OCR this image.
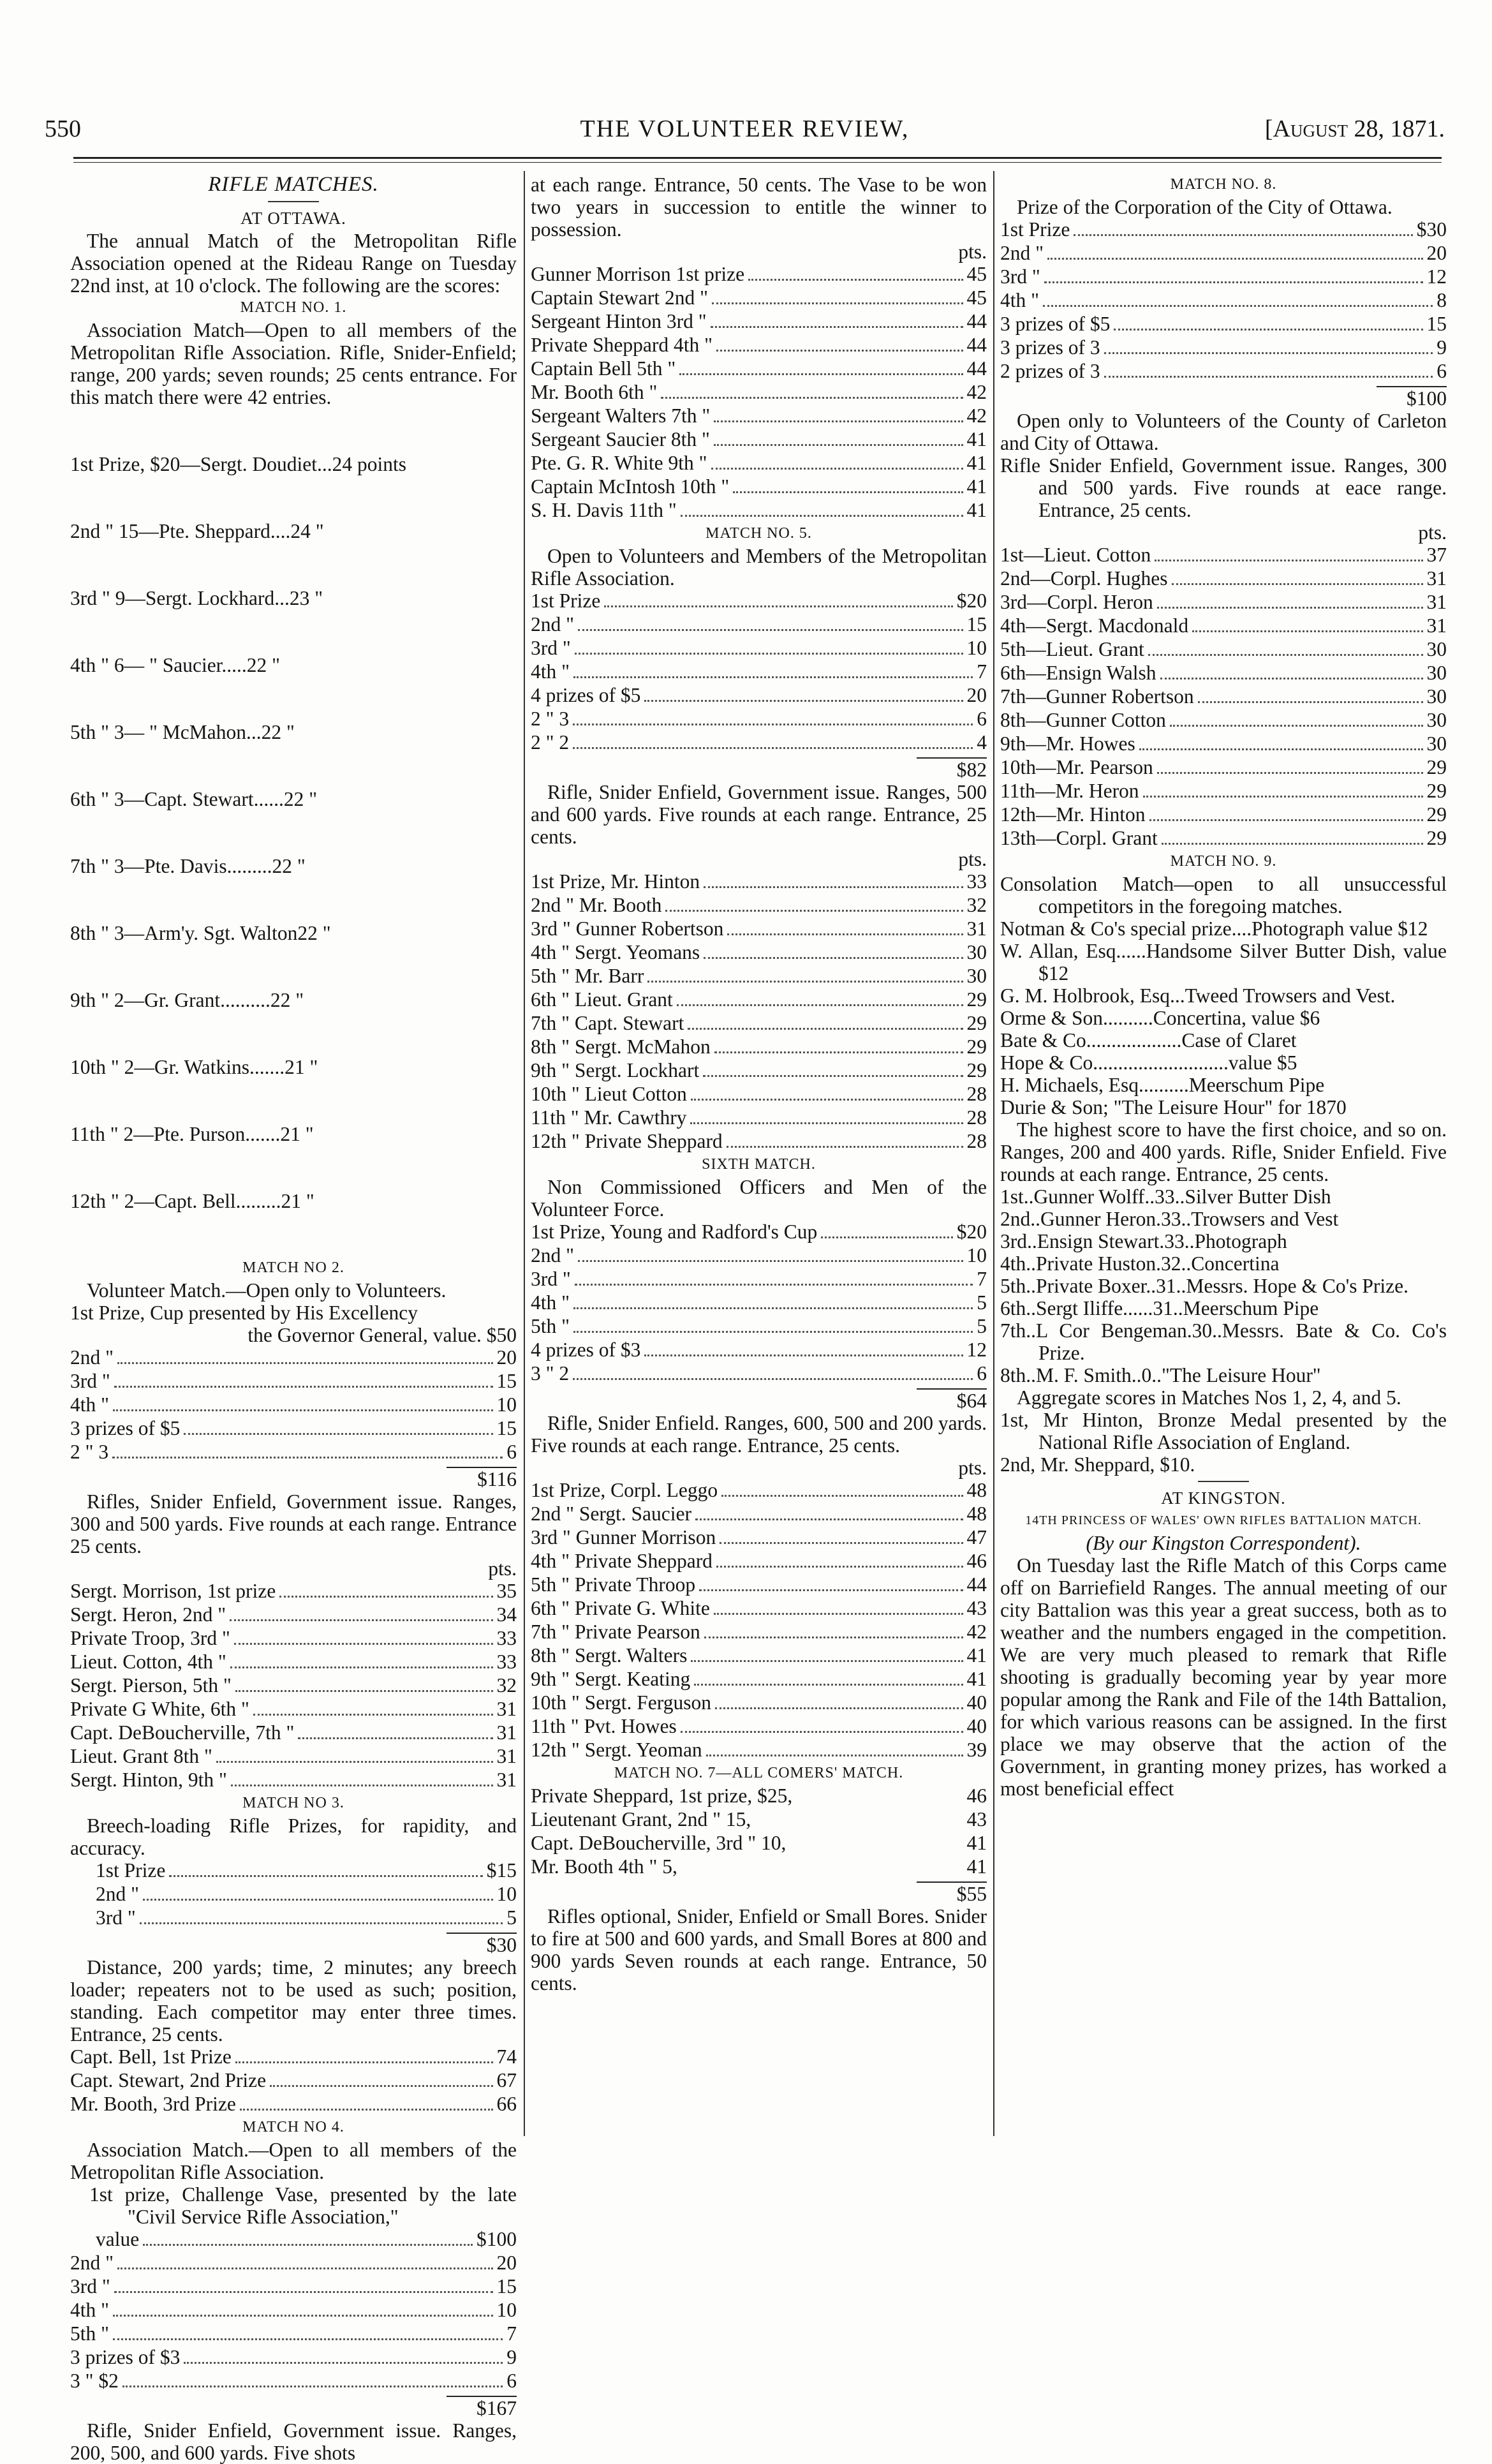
550	THE VOLUNTEER REVIEW,	[August 28, 1871.
RIFLE MATCHES.
AT OTTAWA.

The annual Match of the Metropolitan Rifle Association opened at the Rideau Range on Tuesday 22nd inst, at 10 o'clock. The following are the scores:

MATCH NO. 1.

Association Match—Open to all members of the Metropolitan Rifle Association. Rifle, Snider-Enfield; range, 200 yards; seven rounds; 25 cents entrance. For this match there were 42 entries.

1st Prize, $20—Sergt. Doudiet...24 points

2nd " 15—Pte. Sheppard....24 "

3rd " 9—Sergt. Lockhard...23 "

4th " 6— " Saucier.....22 "

5th " 3— " McMahon...22 "

6th " 3—Capt. Stewart......22 "

7th " 3—Pte. Davis.........22 "

8th " 3—Arm'y. Sgt. Walton22 "

9th " 2—Gr. Grant..........22 "

10th " 2—Gr. Watkins.......21 "

11th " 2—Pte. Purson.......21 "

12th " 2—Capt. Bell.........21 "

MATCH NO 2.

Volunteer Match.—Open only to Volunteers.

1st Prize, Cup presented by His Excellency
the Governor General, value. $50
2nd "	20
3rd "	15
4th "	10
3 prizes of $5	15
2 " 3	6
$116

Rifles, Snider Enfield, Government issue. Ranges, 300 and 500 yards. Five rounds at each range. Entrance 25 cents.

pts.
Sergt. Morrison, 1st prize	35
Sergt. Heron, 2nd "	34
Private Troop, 3rd "	33
Lieut. Cotton, 4th "	33
Sergt. Pierson, 5th "	32
Private G White, 6th "	31
Capt. DeBoucherville, 7th "	31
Lieut. Grant 8th "	31
Sergt. Hinton, 9th "	31
MATCH NO 3.

Breech-loading Rifle Prizes, for rapidity, and accuracy.

1st Prize	$15
2nd "	10
3rd "	5
$30

Distance, 200 yards; time, 2 minutes; any breech loader; repeaters not to be used as such; position, standing. Each competitor may enter three times. Entrance, 25 cents.

Capt. Bell, 1st Prize	74
Capt. Stewart, 2nd Prize	67
Mr. Booth, 3rd Prize	66
MATCH NO 4.

Association Match.—Open to all members of the Metropolitan Rifle Association.

1st prize, Challenge Vase, presented by the late "Civil Service Rifle Association,"

value	$100
2nd "	20
3rd "	15
4th "	10
5th "	7
3 prizes of $3	9
3 " $2	6
$167

Rifle, Snider Enfield, Government issue. Ranges, 200, 500, and 600 yards. Five shots

at each range. Entrance, 50 cents. The Vase to be won two years in succession to entitle the winner to possession.

pts.
Gunner Morrison 1st prize	45
Captain Stewart 2nd "	45
Sergeant Hinton 3rd "	44
Private Sheppard 4th "	44
Captain Bell 5th "	44
Mr. Booth 6th "	42
Sergeant Walters 7th "	42
Sergeant Saucier 8th "	41
Pte. G. R. White 9th "	41
Captain McIntosh 10th "	41
S. H. Davis 11th "	41
MATCH NO. 5.

Open to Volunteers and Members of the Metropolitan Rifle Association.

1st Prize	$20
2nd "	15
3rd "	10
4th "	7
4 prizes of $5	20
2 " 3	6
2 " 2	4
$82

Rifle, Snider Enfield, Government issue. Ranges, 500 and 600 yards. Five rounds at each range. Entrance, 25 cents.

pts.
1st Prize, Mr. Hinton	33
2nd " Mr. Booth	32
3rd " Gunner Robertson	31
4th " Sergt. Yeomans	30
5th " Mr. Barr	30
6th " Lieut. Grant	29
7th " Capt. Stewart	29
8th " Sergt. McMahon	29
9th " Sergt. Lockhart	29
10th " Lieut Cotton	28
11th " Mr. Cawthry	28
12th " Private Sheppard	28
SIXTH MATCH.

Non Commissioned Officers and Men of the Volunteer Force.

1st Prize, Young and Radford's Cup	$20
2nd "	10
3rd "	7
4th "	5
5th "	5
4 prizes of $3	12
3 " 2	6
$64

Rifle, Snider Enfield. Ranges, 600, 500 and 200 yards. Five rounds at each range. Entrance, 25 cents.

pts.
1st Prize, Corpl. Leggo	48
2nd " Sergt. Saucier	48
3rd " Gunner Morrison	47
4th " Private Sheppard	46
5th " Private Throop	44
6th " Private G. White	43
7th " Private Pearson	42
8th " Sergt. Walters	41
9th " Sergt. Keating	41
10th " Sergt. Ferguson	40
11th " Pvt. Howes	40
12th " Sergt. Yeoman	39
MATCH NO. 7—ALL COMERS' MATCH.
Private Sheppard, 1st prize, $25,	46
Lieutenant Grant, 2nd " 15,	43
Capt. DeBoucherville, 3rd " 10,	41
Mr. Booth 4th " 5,	41
$55

Rifles optional, Snider, Enfield or Small Bores. Snider to fire at 500 and 600 yards, and Small Bores at 800 and 900 yards Seven rounds at each range. Entrance, 50 cents.

MATCH NO. 8.

Prize of the Corporation of the City of Ottawa.

1st Prize	$30
2nd "	20
3rd "	12
4th "	8
3 prizes of $5	15
3 prizes of 3	9
2 prizes of 3	6
$100

Open only to Volunteers of the County of Carleton and City of Ottawa.

Rifle Snider Enfield, Government issue. Ranges, 300 and 500 yards. Five rounds at eace range. Entrance, 25 cents.

pts.
1st—Lieut. Cotton	37
2nd—Corpl. Hughes	31
3rd—Corpl. Heron	31
4th—Sergt. Macdonald	31
5th—Lieut. Grant	30
6th—Ensign Walsh	30
7th—Gunner Robertson	30
8th—Gunner Cotton	30
9th—Mr. Howes	30
10th—Mr. Pearson	29
11th—Mr. Heron	29
12th—Mr. Hinton	29
13th—Corpl. Grant	29
MATCH NO. 9.

Consolation Match—open to all unsuccessful competitors in the foregoing matches.

Notman & Co's special prize....Photograph value $12

W. Allan, Esq......Handsome Silver Butter Dish, value $12

G. M. Holbrook, Esq...Tweed Trowsers and Vest.

Orme & Son..........Concertina, value $6

Bate & Co...................Case of Claret

Hope & Co...........................value $5

H. Michaels, Esq..........Meerschum Pipe

Durie & Son; "The Leisure Hour" for 1870

The highest score to have the first choice, and so on. Ranges, 200 and 400 yards. Rifle, Snider Enfield. Five rounds at each range. Entrance, 25 cents.

1st..Gunner Wolff..33..Silver Butter Dish

2nd..Gunner Heron.33..Trowsers and Vest

3rd..Ensign Stewart.33..Photograph

4th..Private Huston.32..Concertina

5th..Private Boxer..31..Messrs. Hope & Co's Prize.

6th..Sergt Iliffe......31..Meerschum Pipe

7th..L Cor Bengeman.30..Messrs. Bate & Co. Co's Prize.

8th..M. F. Smith..0.."The Leisure Hour"

Aggregate scores in Matches Nos 1, 2, 4, and 5.

1st, Mr Hinton, Bronze Medal presented by the National Rifle Association of England.

2nd, Mr. Sheppard, $10.

AT KINGSTON.
14TH PRINCESS OF WALES' OWN RIFLES BATTALION MATCH.
(By our Kingston Correspondent).

On Tuesday last the Rifle Match of this Corps came off on Barriefield Ranges. The annual meeting of our city Battalion was this year a great success, both as to weather and the numbers engaged in the competition. We are very much pleased to remark that Rifle shooting is gradually becoming year by year more popular among the Rank and File of the 14th Battalion, for which various reasons can be assigned. In the first place we may observe that the action of the Government, in granting money prizes, has worked a most beneficial effect
